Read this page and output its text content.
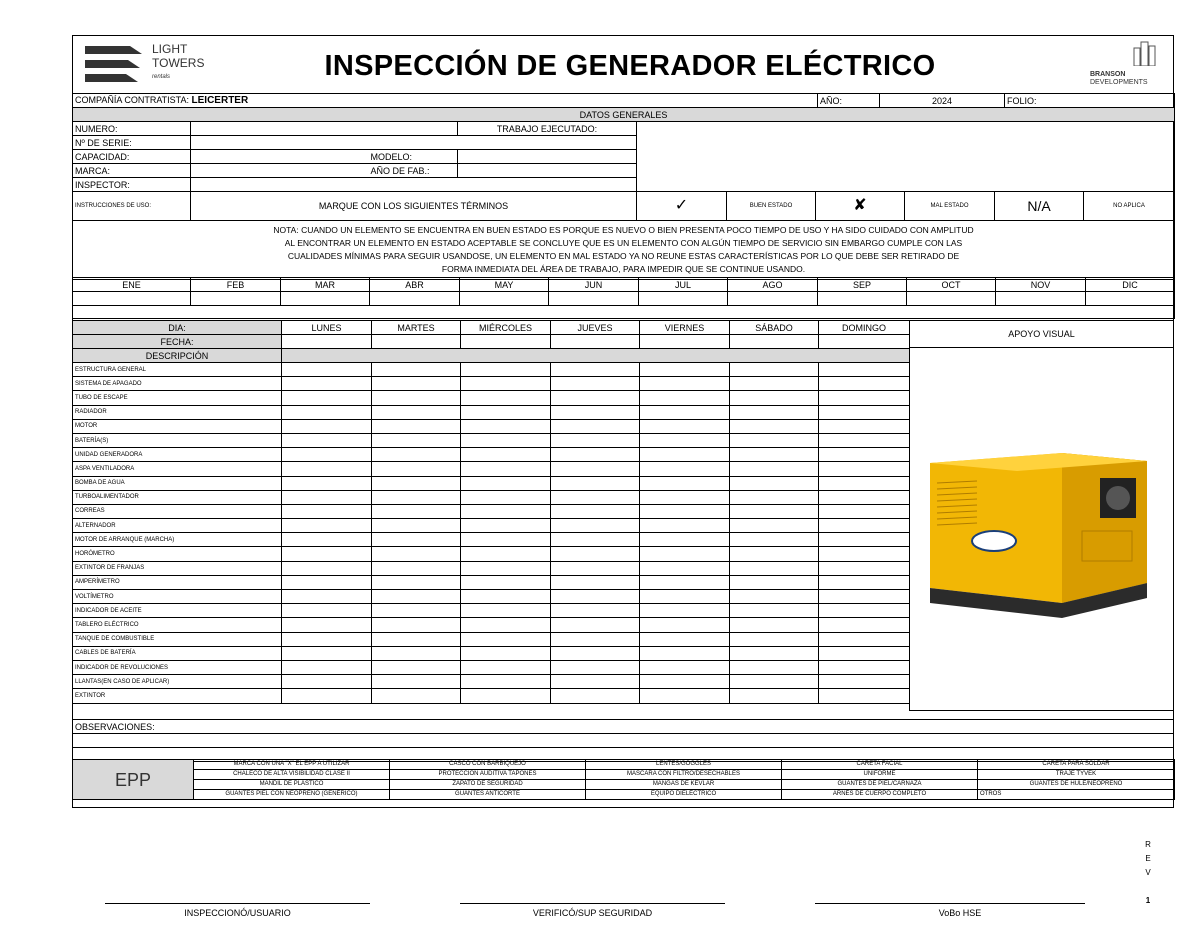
LIGHT
TOWERS
rentals	INSPECCIÓN DE GENERADOR ELÉCTRICO	BRANSON
DEVELOPMENTS
COMPAÑÍA CONTRATISTA: LEICERTER	AÑO:	2024	FOLIO:
DATOS GENERALES				
NUMERO:			TRABAJO EJECUTADO:	
Nº DE SERIE:				
CAPACIDAD:		MODELO:		
MARCA:		AÑO DE FAB.:		
INSPECTOR:				
INSTRUCCIONES DE USO:	MARQUE CON LOS SIGUIENTES TÉRMINOS	✓	BUEN ESTADO	✘	MAL ESTADO	N/A	NO APLICA

NOTA: CUANDO UN ELEMENTO SE ENCUENTRA EN BUEN ESTADO ES PORQUE ES NUEVO O BIEN PRESENTA POCO TIEMPO DE USO Y HA SIDO CUIDADO CON AMPLITUD
AL ENCONTRAR UN ELEMENTO EN ESTADO ACEPTABLE SE CONCLUYE QUE ES UN ELEMENTO CON ALGÚN TIEMPO DE SERVICIO SIN EMBARGO CUMPLE CON LAS
CUALIDADES MÍNIMAS PARA SEGUIR USANDOSE, UN ELEMENTO EN MAL ESTADO YA NO REUNE ESTAS CARACTERÍSTICAS POR LO QUE DEBE SER RETIRADO DE
FORMA INMEDIATA DEL ÁREA DE TRABAJO, PARA IMPEDIR QUE SE CONTINUE USANDO.
ENE	FEB	MAR	ABR	MAY	JUN	JUL	AGO	SEP	OCT	NOV	DIC

DIA:	LUNES	MARTES	MIÉRCOLES	JUEVES	VIERNES	SÁBADO	DOMINGO
FECHA:							
DESCRIPCIÓN							
ESTRUCTURA GENERAL							
SISTEMA DE APAGADO							
TUBO DE ESCAPE							
RADIADOR							
MOTOR							
BATERÍA(S)							
UNIDAD GENERADORA							
ASPA VENTILADORA							
BOMBA DE AGUA							
TURBOALIMENTADOR							
CORREAS							
ALTERNADOR							
MOTOR DE ARRANQUE (MARCHA)							
HORÓMETRO							
EXTINTOR DE FRANJAS							
AMPERÍMETRO							
VOLTÍMETRO							
INDICADOR DE ACEITE							
TABLERO ELÉCTRICO							
TANQUE DE COMBUSTIBLE							
CABLES DE BATERÍA							
INDICADOR DE REVOLUCIONES							
LLANTAS(EN CASO DE APLICAR)							
EXTINTOR							
APOYO VISUAL
OBSERVACIONES:

EPP	MARCA CON UNA "X" EL EPP A UTILIZAR	CASCO CON BARBIQUEJO	LENTES/GOGGLES	CARETA FACIAL	CARETA PARA SOLDAR
	CHALECO DE ALTA VISIBILIDAD CLASE II	PROTECCIÓN AUDITIVA TAPONES	MASCARA CON FILTRO/DESECHABLES	UNIFORME	TRAJE TYVEK
	MANDIL DE PLÁSTICO	ZAPATO DE SEGURIDAD	MANGAS DE KEVLAR	GUANTES DE PIEL/CARNAZA	GUANTES DE HULE/NEOPRENO
	GUANTES PIEL CON NEOPRENO (GENÉRICO)	GUANTES ANTICORTE	EQUIPO DIELÉCTRICO	ARNÉS DE CUERPO COMPLETO	OTROS
INSPECCIONÓ/USUARIO	VERIFICÓ/SUP SEGURIDAD	VoBo HSE
R
E
V
1
